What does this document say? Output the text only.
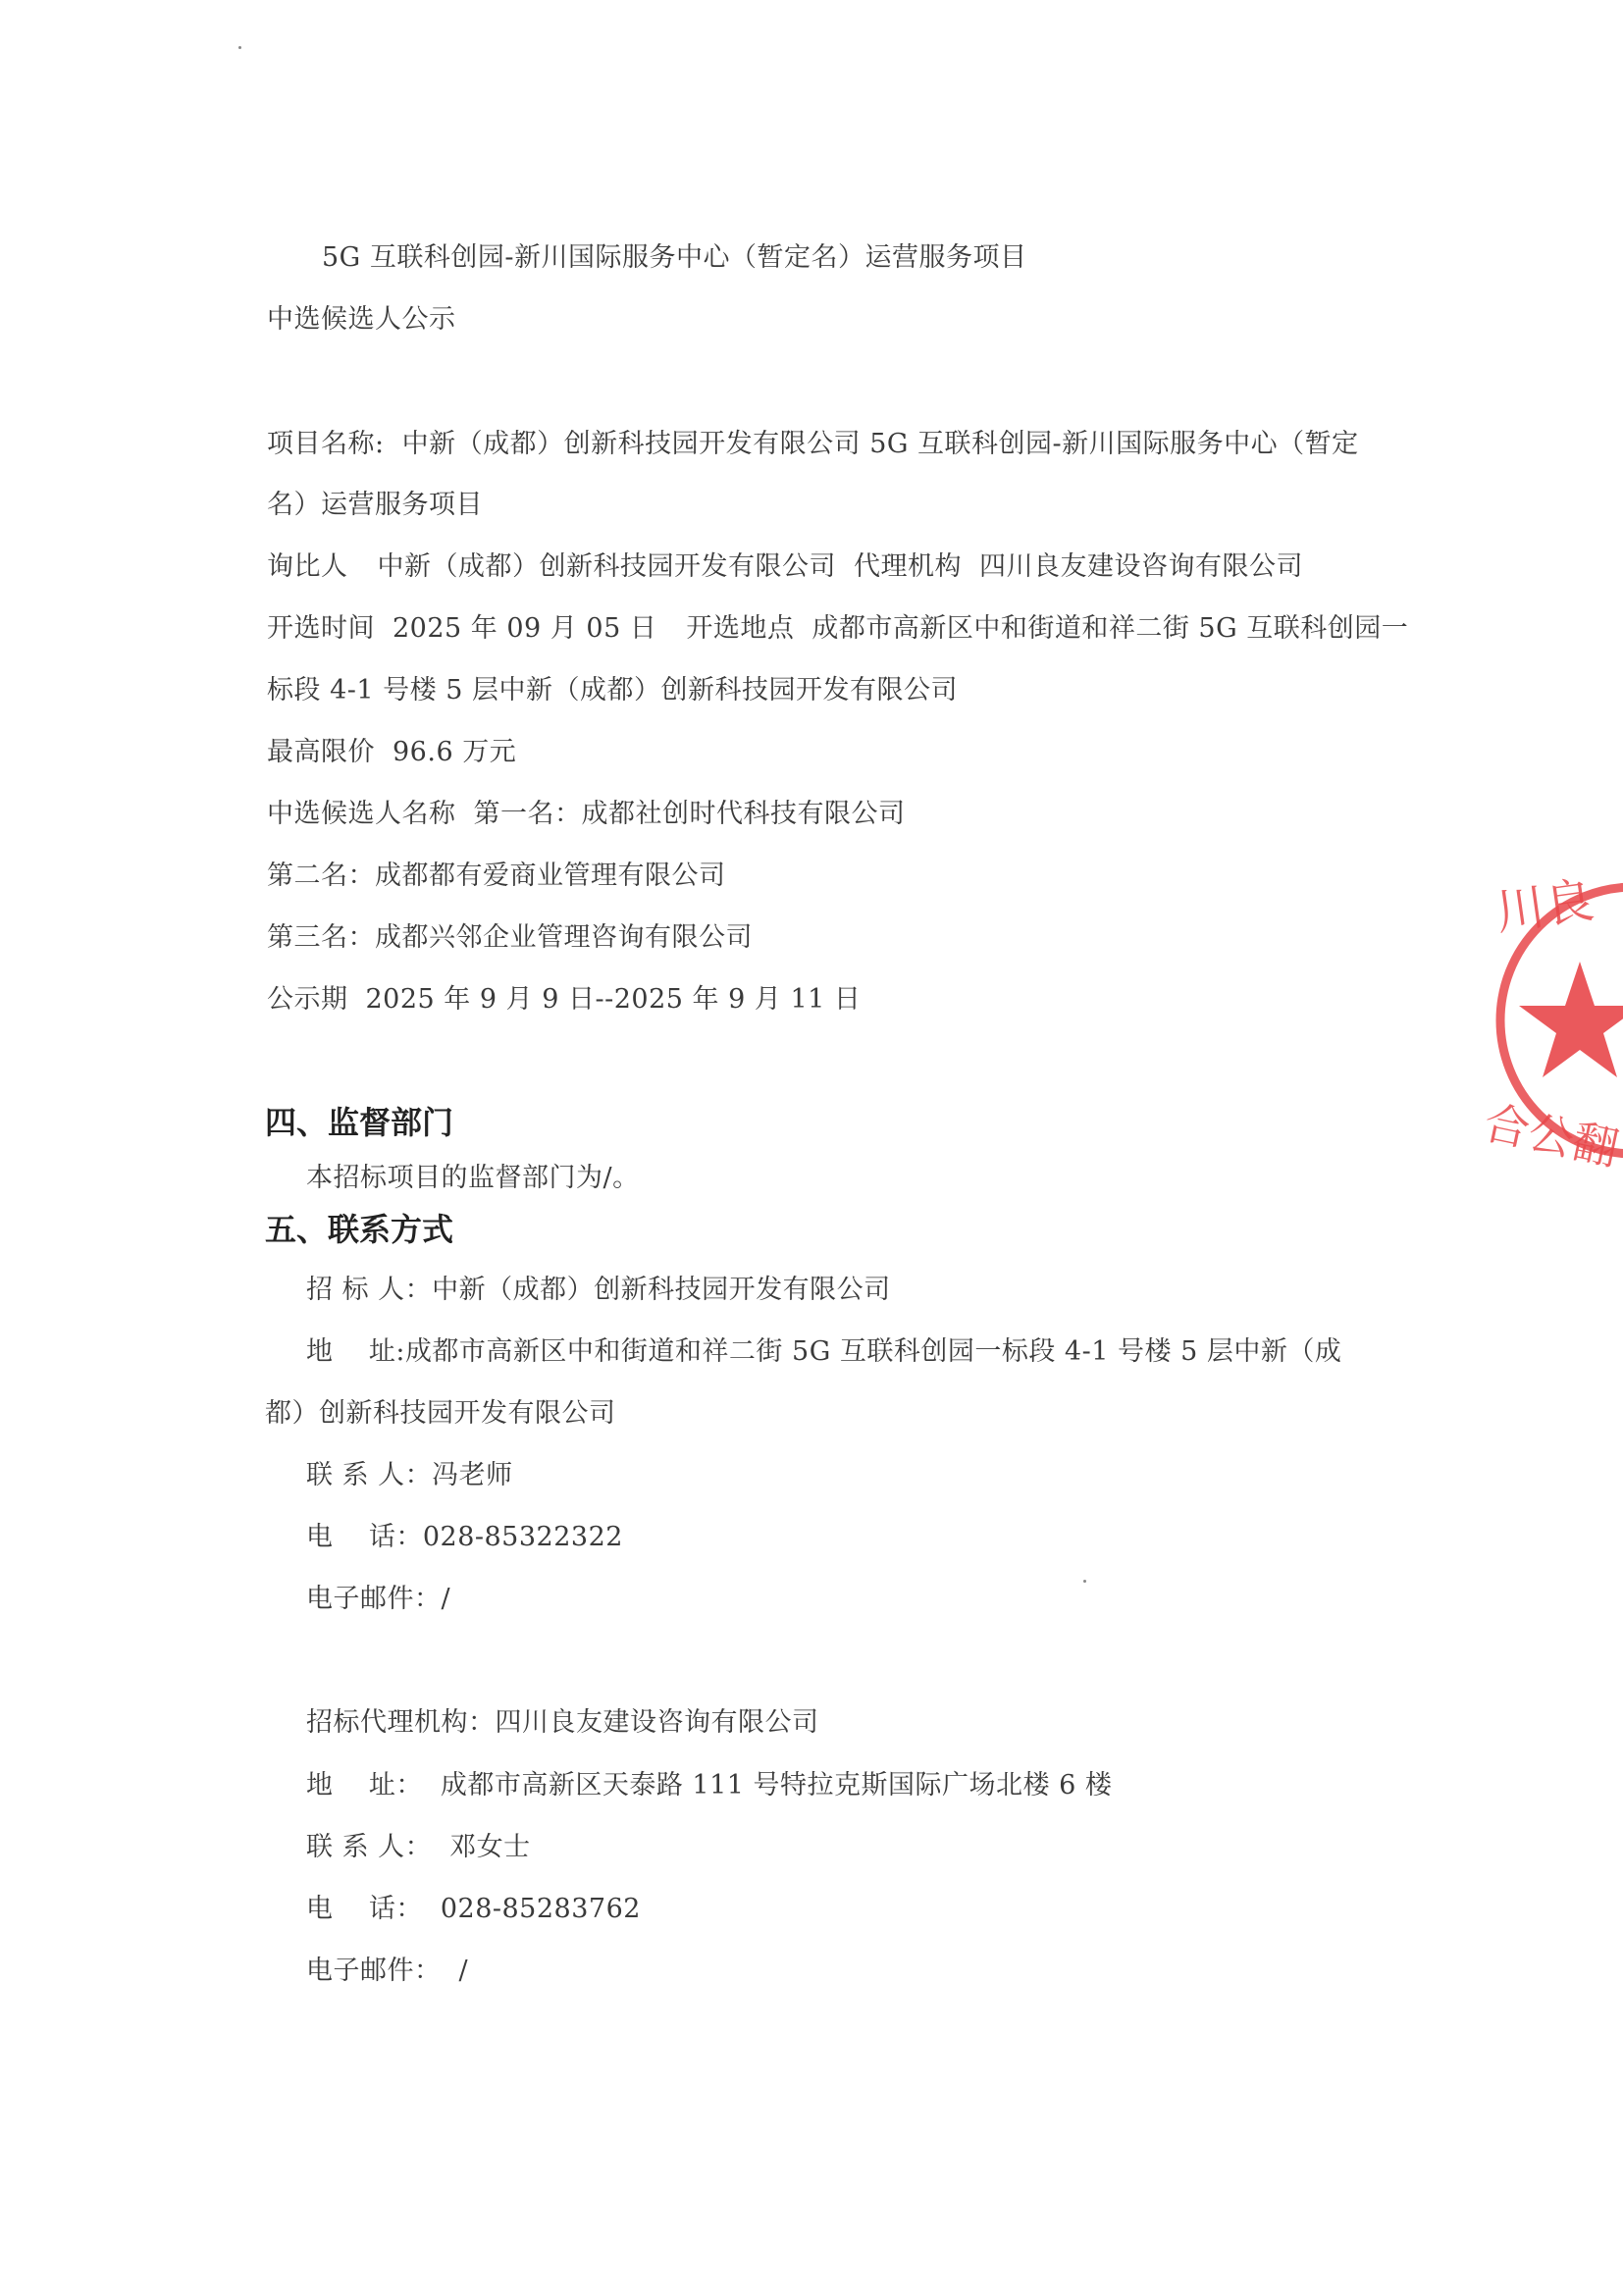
5G 互联科创园-新川国际服务中心（暂定名）运营服务项目
中选候选人公示
项目名称: 中新（成都）创新科技园开发有限公司 5G 互联科创园-新川国际服务中心（暂定
名）运营服务项目
询比人 中新（成都）创新科技园开发有限公司 代理机构 四川良友建设咨询有限公司
开选时间 2025 年 09 月 05 日 开选地点 成都市高新区中和街道和祥二街 5G 互联科创园一
标段 4-1 号楼 5 层中新（成都）创新科技园开发有限公司
最高限价 96.6 万元
中选候选人名称 第一名：成都社创时代科技有限公司
第二名：成都都有爱商业管理有限公司
第三名：成都兴邻企业管理咨询有限公司
公示期 2025 年 9 月 9 日--2025 年 9 月 11 日
四、监督部门
本招标项目的监督部门为/。
五、联系方式
招 标 人：中新（成都）创新科技园开发有限公司
地    址:成都市高新区中和街道和祥二街 5G 互联科创园一标段 4-1 号楼 5 层中新（成
都）创新科技园开发有限公司
联 系 人：冯老师
电    话：028-85322322
电子邮件：/
招标代理机构：四川良友建设咨询有限公司
地    址： 成都市高新区天泰路 111 号特拉克斯国际广场北楼 6 楼
联 系 人： 邓女士
电    话： 028-85283762
电子邮件： /
川良
合公翻
